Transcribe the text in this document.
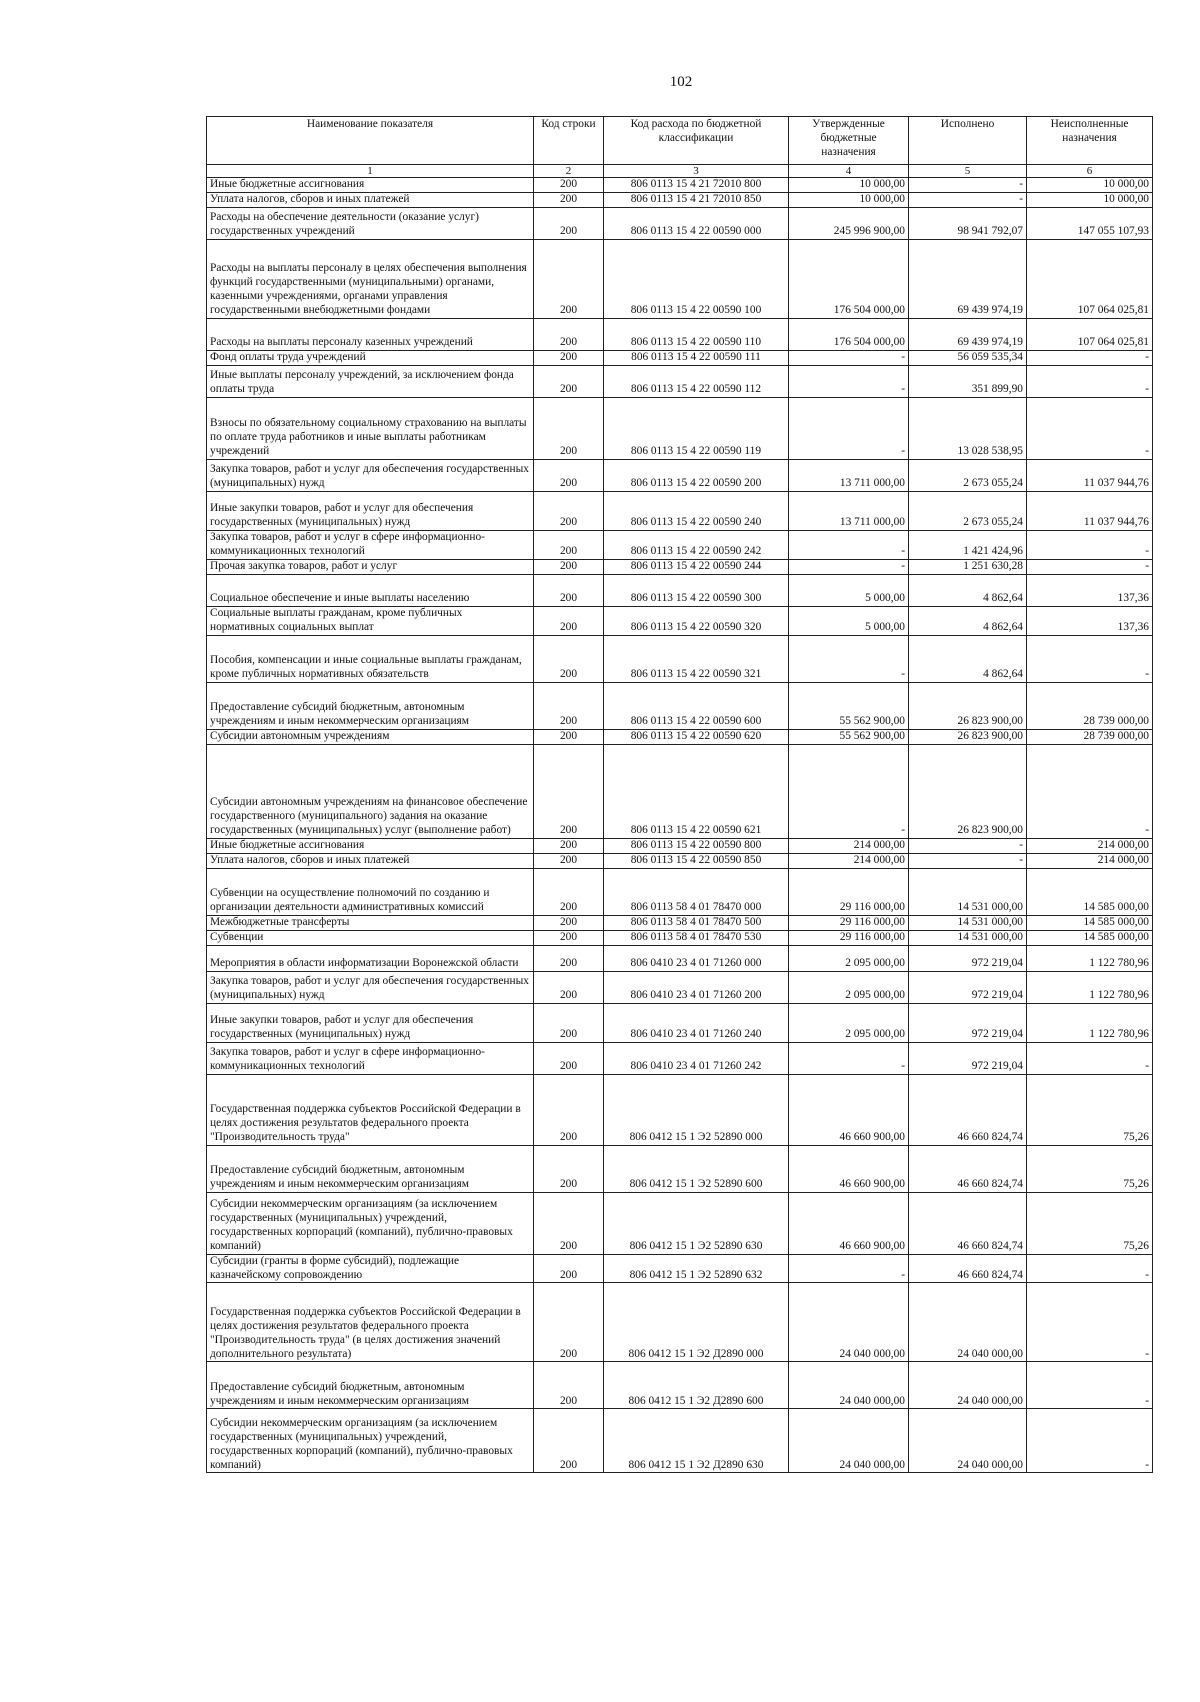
102
Наименование показателя	Код строки	Код расхода по бюджетной классификации	Утвержденные бюджетные назначения	Исполнено	Неисполненные назначения
1	2	3	4	5	6
Иные бюджетные ассигнования	200	806 0113 15 4 21 72010 800	10 000,00	-	10 000,00
Уплата налогов, сборов и иных платежей	200	806 0113 15 4 21 72010 850	10 000,00	-	10 000,00
Расходы на обеспечение деятельности (оказание услуг) государственных учреждений	200	806 0113 15 4 22 00590 000	245 996 900,00	98 941 792,07	147 055 107,93
Расходы на выплаты персоналу в целях обеспечения выполнения функций государственными (муниципальными) органами, казенными учреждениями, органами управления государственными внебюджетными фондами	200	806 0113 15 4 22 00590 100	176 504 000,00	69 439 974,19	107 064 025,81
Расходы на выплаты персоналу казенных учреждений	200	806 0113 15 4 22 00590 110	176 504 000,00	69 439 974,19	107 064 025,81
Фонд оплаты труда учреждений	200	806 0113 15 4 22 00590 111	-	56 059 535,34	-
Иные выплаты персоналу учреждений, за исключением фонда оплаты труда	200	806 0113 15 4 22 00590 112	-	351 899,90	-
Взносы по обязательному социальному страхованию на выплаты по оплате труда работников и иные выплаты работникам учреждений	200	806 0113 15 4 22 00590 119	-	13 028 538,95	-
Закупка товаров, работ и услуг для обеспечения государственных (муниципальных) нужд	200	806 0113 15 4 22 00590 200	13 711 000,00	2 673 055,24	11 037 944,76
Иные закупки товаров, работ и услуг для обеспечения государственных (муниципальных) нужд	200	806 0113 15 4 22 00590 240	13 711 000,00	2 673 055,24	11 037 944,76
Закупка товаров, работ и услуг в сфере информационно-коммуникационных технологий	200	806 0113 15 4 22 00590 242	-	1 421 424,96	-
Прочая закупка товаров, работ и услуг	200	806 0113 15 4 22 00590 244	-	1 251 630,28	-
Социальное обеспечение и иные выплаты населению	200	806 0113 15 4 22 00590 300	5 000,00	4 862,64	137,36
Социальные выплаты гражданам, кроме публичных нормативных социальных выплат	200	806 0113 15 4 22 00590 320	5 000,00	4 862,64	137,36
Пособия, компенсации и иные социальные выплаты гражданам, кроме публичных нормативных обязательств	200	806 0113 15 4 22 00590 321	-	4 862,64	-
Предоставление субсидий бюджетным, автономным учреждениям и иным некоммерческим организациям	200	806 0113 15 4 22 00590 600	55 562 900,00	26 823 900,00	28 739 000,00
Субсидии автономным учреждениям	200	806 0113 15 4 22 00590 620	55 562 900,00	26 823 900,00	28 739 000,00
Субсидии автономным учреждениям на финансовое обеспечение государственного (муниципального) задания на оказание государственных (муниципальных) услуг (выполнение работ)	200	806 0113 15 4 22 00590 621	-	26 823 900,00	-
Иные бюджетные ассигнования	200	806 0113 15 4 22 00590 800	214 000,00	-	214 000,00
Уплата налогов, сборов и иных платежей	200	806 0113 15 4 22 00590 850	214 000,00	-	214 000,00
Субвенции на осуществление полномочий по созданию и организации деятельности административных комиссий	200	806 0113 58 4 01 78470 000	29 116 000,00	14 531 000,00	14 585 000,00
Межбюджетные трансферты	200	806 0113 58 4 01 78470 500	29 116 000,00	14 531 000,00	14 585 000,00
Субвенции	200	806 0113 58 4 01 78470 530	29 116 000,00	14 531 000,00	14 585 000,00
Мероприятия в области информатизации Воронежской области	200	806 0410 23 4 01 71260 000	2 095 000,00	972 219,04	1 122 780,96
Закупка товаров, работ и услуг для обеспечения государственных (муниципальных) нужд	200	806 0410 23 4 01 71260 200	2 095 000,00	972 219,04	1 122 780,96
Иные закупки товаров, работ и услуг для обеспечения государственных (муниципальных) нужд	200	806 0410 23 4 01 71260 240	2 095 000,00	972 219,04	1 122 780,96
Закупка товаров, работ и услуг в сфере информационно-коммуникационных технологий	200	806 0410 23 4 01 71260 242	-	972 219,04	-
Государственная поддержка субъектов Российской Федерации в целях достижения результатов федерального проекта "Производительность труда"	200	806 0412 15 1 Э2 52890 000	46 660 900,00	46 660 824,74	75,26
Предоставление субсидий бюджетным, автономным учреждениям и иным некоммерческим организациям	200	806 0412 15 1 Э2 52890 600	46 660 900,00	46 660 824,74	75,26
Субсидии некоммерческим организациям (за исключением государственных (муниципальных) учреждений, государственных корпораций (компаний), публично-правовых компаний)	200	806 0412 15 1 Э2 52890 630	46 660 900,00	46 660 824,74	75,26
Субсидии (гранты в форме субсидий), подлежащие казначейскому сопровождению	200	806 0412 15 1 Э2 52890 632	-	46 660 824,74	-
Государственная поддержка субъектов Российской Федерации в целях достижения результатов федерального проекта "Производительность труда" (в целях достижения значений дополнительного результата)	200	806 0412 15 1 Э2 Д2890 000	24 040 000,00	24 040 000,00	-
Предоставление субсидий бюджетным, автономным учреждениям и иным некоммерческим организациям	200	806 0412 15 1 Э2 Д2890 600	24 040 000,00	24 040 000,00	-
Субсидии некоммерческим организациям (за исключением государственных (муниципальных) учреждений, государственных корпораций (компаний), публично-правовых компаний)	200	806 0412 15 1 Э2 Д2890 630	24 040 000,00	24 040 000,00	-
